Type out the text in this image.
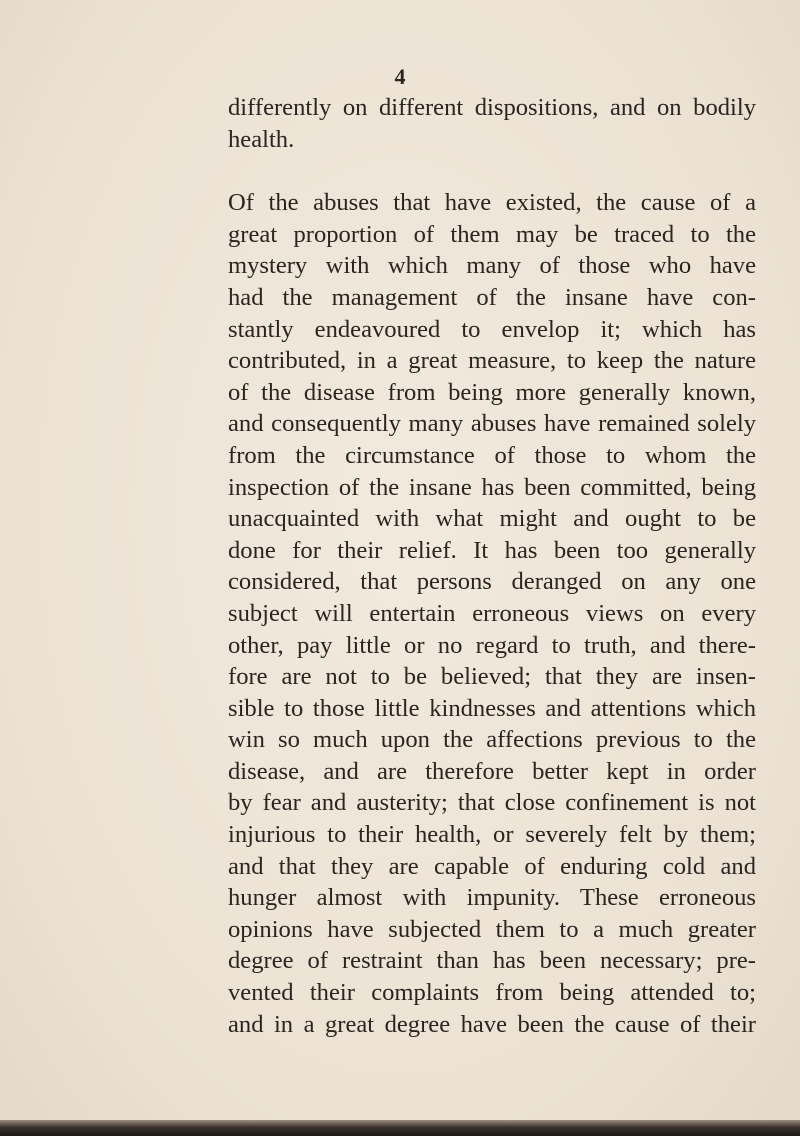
4
differently on different dispositions, and on bodily
health.
Of the abuses that have existed, the cause of a
great proportion of them may be traced to the
mystery with which many of those who have
had the management of the insane have con-
stantly endeavoured to envelop it; which has
contributed, in a great measure, to keep the nature
of the disease from being more generally known,
and consequently many abuses have remained solely
from the circumstance of those to whom the
inspection of the insane has been committed, being
unacquainted with what might and ought to be
done for their relief. It has been too generally
considered, that persons deranged on any one
subject will entertain erroneous views on every
other, pay little or no regard to truth, and there-
fore are not to be believed; that they are insen-
sible to those little kindnesses and attentions which
win so much upon the affections previous to the
disease, and are therefore better kept in order
by fear and austerity; that close confinement is not
injurious to their health, or severely felt by them;
and that they are capable of enduring cold and
hunger almost with impunity. These erroneous
opinions have subjected them to a much greater
degree of restraint than has been necessary; pre-
vented their complaints from being attended to;
and in a great degree have been the cause of their
